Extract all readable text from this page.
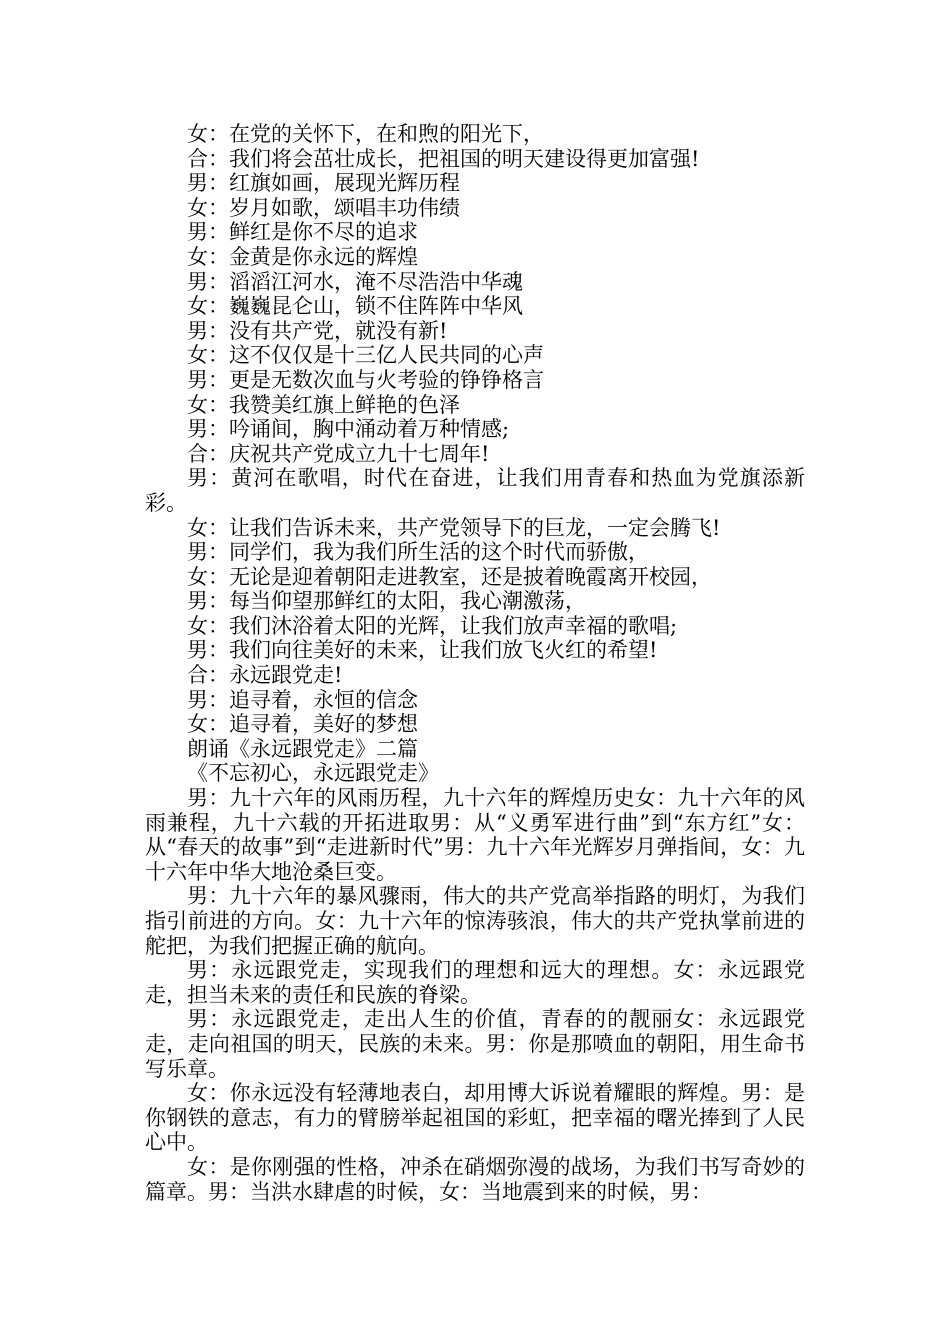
女：在党的关怀下，在和煦的阳光下，

合：我们将会茁壮成长，把祖国的明天建设得更加富强!

男：红旗如画，展现光辉历程

女：岁月如歌，颂唱丰功伟绩

男：鲜红是你不尽的追求

女：金黄是你永远的辉煌

男：滔滔江河水，淹不尽浩浩中华魂

女：巍巍昆仑山，锁不住阵阵中华风

男：没有共产党，就没有新!

女：这不仅仅是十三亿人民共同的心声

男：更是无数次血与火考验的铮铮格言

女：我赞美红旗上鲜艳的色泽

男：吟诵间，胸中涌动着万种情感;

合：庆祝共产党成立九十七周年!

男：黄河在歌唱，时代在奋进，让我们用青春和热血为党旗添新彩。

女：让我们告诉未来，共产党领导下的巨龙，一定会腾飞!

男：同学们，我为我们所生活的这个时代而骄傲，

女：无论是迎着朝阳走进教室，还是披着晚霞离开校园，

男：每当仰望那鲜红的太阳，我心潮激荡，

女：我们沐浴着太阳的光辉，让我们放声幸福的歌唱;

男：我们向往美好的未来，让我们放飞火红的希望!

合：永远跟党走!

男：追寻着，永恒的信念

女：追寻着，美好的梦想

朗诵《永远跟党走》二篇

《不忘初心，永远跟党走》

男：九十六年的风雨历程，九十六年的辉煌历史女：九十六年的风雨兼程，九十六载的开拓进取男：从“义勇军进行曲”到“东方红”女：从“春天的故事”到“走进新时代”男：九十六年光辉岁月弹指间，女：九十六年中华大地沧桑巨变。

男：九十六年的暴风骤雨，伟大的共产党高举指路的明灯，为我们指引前进的方向。女：九十六年的惊涛骇浪，伟大的共产党执掌前进的舵把，为我们把握正确的航向。

男：永远跟党走，实现我们的理想和远大的理想。女：永远跟党走，担当未来的责任和民族的脊梁。

男：永远跟党走，走出人生的价值，青春的的靓丽女：永远跟党走，走向祖国的明天，民族的未来。男：你是那喷血的朝阳，用生命书写乐章。

女：你永远没有轻薄地表白，却用博大诉说着耀眼的辉煌。男：是你钢铁的意志，有力的臂膀举起祖国的彩虹，把幸福的曙光捧到了人民心中。

女：是你刚强的性格，冲杀在硝烟弥漫的战场，为我们书写奇妙的篇章。男：当洪水肆虐的时候，女：当地震到来的时候，男：
